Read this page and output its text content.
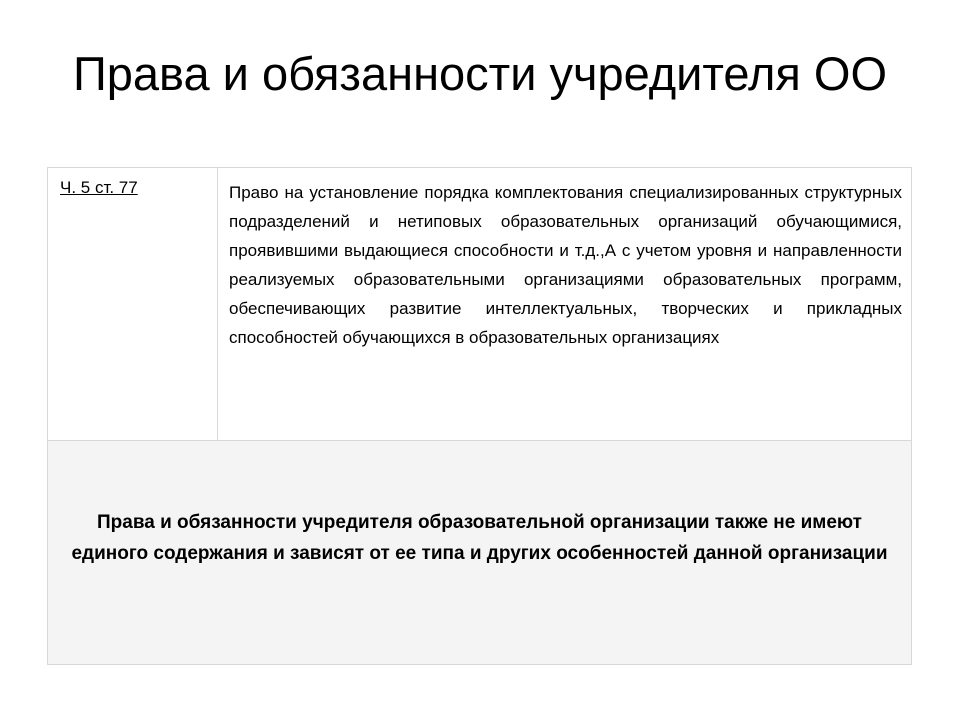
Права и обязанности учредителя ОО
Ч. 5 ст. 77	Право на установление порядка комплектования специализированных структурных подразделений и нетиповых образовательных организаций обучающимися, проявившими выдающиеся способности и т.д.,А с учетом уровня и направленности реализуемых образовательными организациями образовательных программ, обеспечивающих развитие интеллектуальных, творческих и прикладных способностей обучающихся в образовательных организациях
Права и обязанности учредителя образовательной организации также не имеют единого содержания и зависят от ее типа и других особенностей данной организации
